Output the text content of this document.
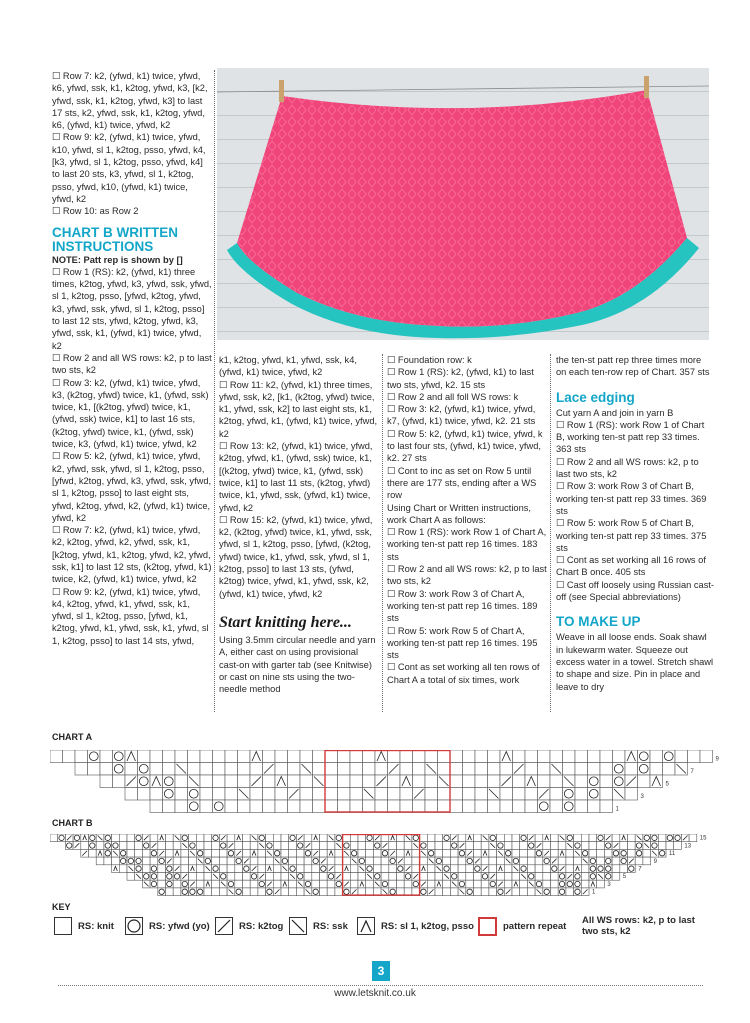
☐ Row 7: k2, (yfwd, k1) twice, yfwd, k6, yfwd, ssk, k1, k2tog, yfwd, k3, [k2, yfwd, ssk, k1, k2tog, yfwd, k3] to last 17 sts, k2, yfwd, ssk, k1, k2tog, yfwd, k6, (yfwd, k1) twice, yfwd, k2

☐ Row 9: k2, (yfwd, k1) twice, yfwd, k10, yfwd, sl 1, k2tog, psso, yfwd, k4, [k3, yfwd, sl 1, k2tog, psso, yfwd, k4] to last 20 sts, k3, yfwd, sl 1, k2tog, psso, yfwd, k10, (yfwd, k1) twice, yfwd, k2

☐ Row 10: as Row 2

CHART B WRITTEN INSTRUCTIONS

NOTE: Patt rep is shown by []

☐ Row 1 (RS): k2, (yfwd, k1) three times, k2tog, yfwd, k3, yfwd, ssk, yfwd, sl 1, k2tog, psso, [yfwd, k2tog, yfwd, k3, yfwd, ssk, yfwd, sl 1, k2tog, psso] to last 12 sts, yfwd, k2tog, yfwd, k3, yfwd, ssk, k1, (yfwd, k1) twice, yfwd, k2

☐ Row 2 and all WS rows: k2, p to last two sts, k2

☐ Row 3: k2, (yfwd, k1) twice, yfwd, k3, (k2tog, yfwd) twice, k1, (yfwd, ssk) twice, k1, [(k2tog, yfwd) twice, k1, (yfwd, ssk) twice, k1] to last 16 sts, (k2tog, yfwd) twice, k1, (yfwd, ssk) twice, k3, (yfwd, k1) twice, yfwd, k2

☐ Row 5: k2, (yfwd, k1) twice, yfwd, k2, yfwd, ssk, yfwd, sl 1, k2tog, psso, [yfwd, k2tog, yfwd, k3, yfwd, ssk, yfwd, sl 1, k2tog, psso] to last eight sts, yfwd, k2tog, yfwd, k2, (yfwd, k1) twice, yfwd, k2

☐ Row 7: k2, (yfwd, k1) twice, yfwd, k2, k2tog, yfwd, k2, yfwd, ssk, k1, [k2tog, yfwd, k1, k2tog, yfwd, k2, yfwd, ssk, k1] to last 12 sts, (k2tog, yfwd, k1) twice, k2, (yfwd, k1) twice, yfwd, k2

☐ Row 9: k2, (yfwd, k1) twice, yfwd, k4, k2tog, yfwd, k1, yfwd, ssk, k1, yfwd, sl 1, k2tog, psso, [yfwd, k1, k2tog, yfwd, k1, yfwd, ssk, k1, yfwd, sl 1, k2tog, psso] to last 14 sts, yfwd,

k1, k2tog, yfwd, k1, yfwd, ssk, k4, (yfwd, k1) twice, yfwd, k2

☐ Row 11: k2, (yfwd, k1) three times, yfwd, ssk, k2, [k1, (k2tog, yfwd) twice, k1, yfwd, ssk, k2] to last eight sts, k1, k2tog, yfwd, k1, (yfwd, k1) twice, yfwd, k2

☐ Row 13: k2, (yfwd, k1) twice, yfwd, k2tog, yfwd, k1, (yfwd, ssk) twice, k1, [(k2tog, yfwd) twice, k1, (yfwd, ssk) twice, k1] to last 11 sts, (k2tog, yfwd) twice, k1, yfwd, ssk, (yfwd, k1) twice, yfwd, k2

☐ Row 15: k2, (yfwd, k1) twice, yfwd, k2, (k2tog, yfwd) twice, k1, yfwd, ssk, yfwd, sl 1, k2tog, psso, [yfwd, (k2tog, yfwd) twice, k1, yfwd, ssk, yfwd, sl 1, k2tog, psso] to last 13 sts, (yfwd, k2tog) twice, yfwd, k1, yfwd, ssk, k2, (yfwd, k1) twice, yfwd, k2

Start knitting here...

Using 3.5mm circular needle and yarn A, either cast on using provisional cast-on with garter tab (see Knitwise) or cast on nine sts using the two-needle method

☐ Foundation row: k

☐ Row 1 (RS): k2, (yfwd, k1) to last two sts, yfwd, k2. 15 sts

☐ Row 2 and all foll WS rows: k

☐ Row 3: k2, (yfwd, k1) twice, yfwd, k7, (yfwd, k1) twice, yfwd, k2. 21 sts

☐ Row 5: k2, (yfwd, k1) twice, yfwd, k to last four sts, (yfwd, k1) twice, yfwd, k2. 27 sts

☐ Cont to inc as set on Row 5 until there are 177 sts, ending after a WS row

Using Chart or Written instructions, work Chart A as follows:

☐ Row 1 (RS): work Row 1 of Chart A, working ten-st patt rep 16 times. 183 sts

☐ Row 2 and all WS rows: k2, p to last two sts, k2

☐ Row 3: work Row 3 of Chart A, working ten-st patt rep 16 times. 189 sts

☐ Row 5: work Row 5 of Chart A, working ten-st patt rep 16 times. 195 sts

☐ Cont as set working all ten rows of Chart A a total of six times, work

the ten-st patt rep three times more on each ten-row rep of Chart. 357 sts

Lace edging

Cut yarn A and join in yarn B

☐ Row 1 (RS): work Row 1 of Chart B, working ten-st patt rep 33 times. 363 sts

☐ Row 2 and all WS rows: k2, p to last two sts, k2

☐ Row 3: work Row 3 of Chart B, working ten-st patt rep 33 times. 369 sts

☐ Row 5: work Row 5 of Chart B, working ten-st patt rep 33 times. 375 sts

☐ Cont as set working all 16 rows of Chart B once. 405 sts

☐ Cast off loosely using Russian cast-off (see Special abbreviations)

TO MAKE UP

Weave in all loose ends. Soak shawl in lukewarm water. Squeeze out excess water in a towel. Stretch shawl to shape and size. Pin in place and leave to dry

CHART A
9
7
5
3
1
CHART B
15
13
11
9
7
5
3
1
KEY
RS: knit	RS: yfwd (yo)	RS: k2tog	RS: ssk	RS: sl 1, k2tog, psso	pattern repeat
All WS rows: k2, p to last two sts, k2
3
www.letsknit.co.uk
